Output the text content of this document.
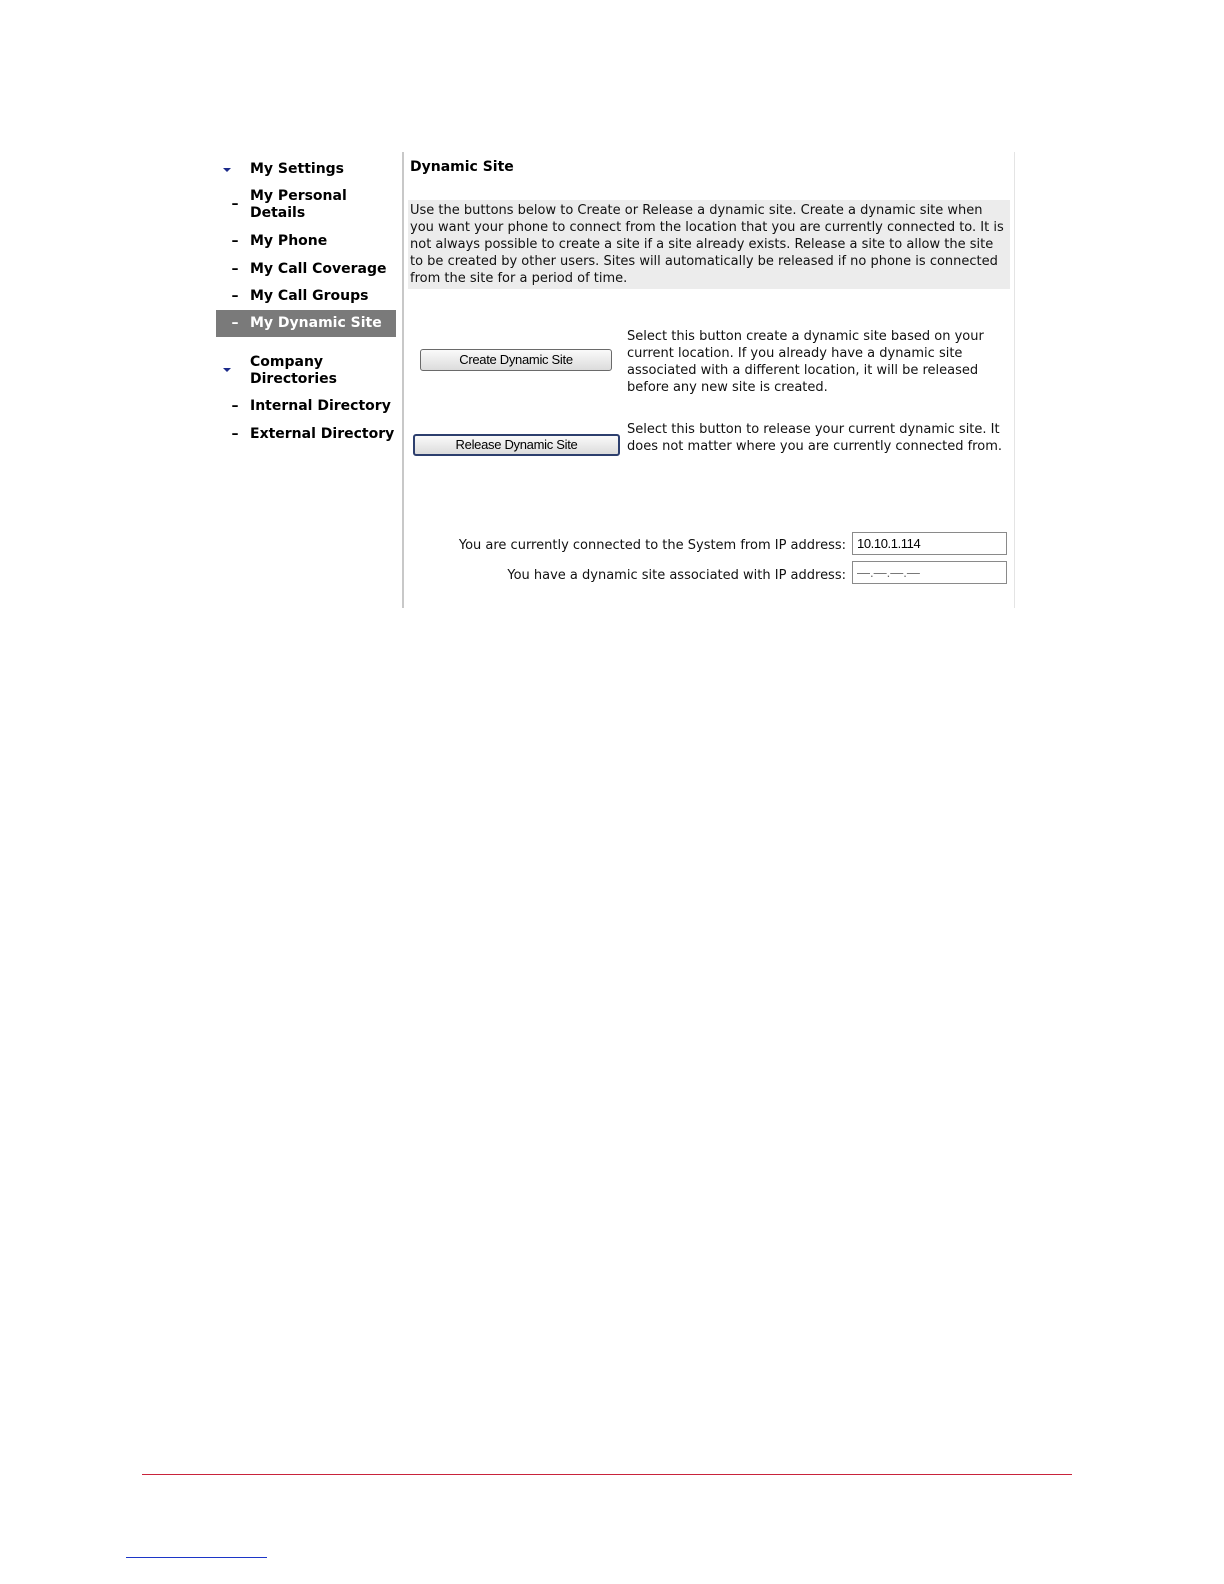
My Settings
– My Personal Details
– My Phone
– My Call Coverage
– My Call Groups
– My Dynamic Site
Company Directories
– Internal Directory
– External Directory
Dynamic Site
Use the buttons below to Create or Release a dynamic site. Create a dynamic site when you want your phone to connect from the location that you are currently connected to. It is not always possible to create a site if a site already exists. Release a site to allow the site to be created by other users. Sites will automatically be released if no phone is connected from the site for a period of time.
Create Dynamic Site
Select this button create a dynamic site based on your current location. If you already have a dynamic site associated with a different location, it will be released before any new site is created.
Release Dynamic Site
Select this button to release your current dynamic site. It does not matter where you are currently connected from.
You are currently connected to the System from IP address: 10.10.1.114
You have a dynamic site associated with IP address: —.—.—.—
